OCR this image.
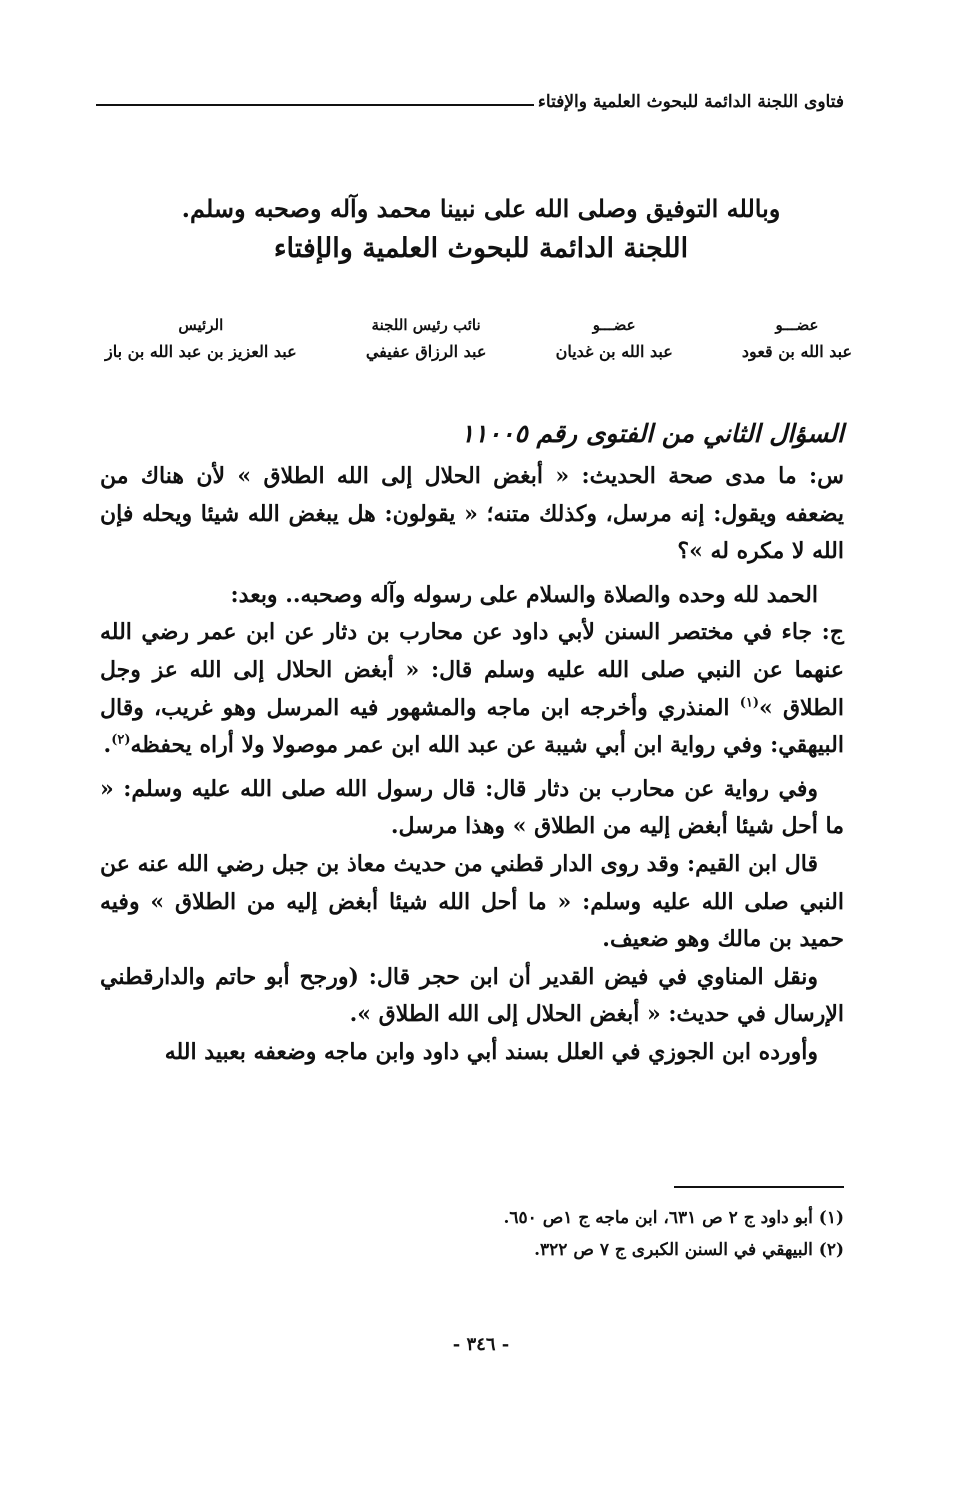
فتاوى اللجنة الدائمة للبحوث العلمية والإفتاء

وبالله التوفيق وصلى الله على نبينا محمد وآله وصحبه وسلم.

اللجنة الدائمة للبحوث العلمية والإفتاء

عضـــو
عبد الله بن قعود
عضـــو
عبد الله بن غديان
نائب رئيس اللجنة
عبد الرزاق عفيفي
الرئيس
عبد العزيز بن عبد الله بن باز

السؤال الثاني من الفتوى رقم ١١٠٠٥

س: ما مدى صحة الحديث: « أبغض الحلال إلى الله الطلاق » لأن هناك من يضعفه ويقول: إنه مرسل، وكذلك متنه؛ « يقولون: هل يبغض الله شيئا ويحله فإن الله لا مكره له »؟

الحمد لله وحده والصلاة والسلام على رسوله وآله وصحبه.. وبعد:

ج: جاء في مختصر السنن لأبي داود عن محارب بن دثار عن ابن عمر رضي الله عنهما عن النبي صلى الله عليه وسلم قال: « أبغض الحلال إلى الله عز وجل الطلاق »$^{(١)}$ المنذري وأخرجه ابن ماجه والمشهور فيه المرسل وهو غريب، وقال البيهقي: وفي رواية ابن أبي شيبة عن عبد الله ابن عمر موصولا ولا أراه يحفظه$^{(٢)}$.

وفي رواية عن محارب بن دثار قال: قال رسول الله صلى الله عليه وسلم: « ما أحل شيئا أبغض إليه من الطلاق » وهذا مرسل.

قال ابن القيم: وقد روى الدار قطني من حديث معاذ بن جبل رضي الله عنه عن النبي صلى الله عليه وسلم: « ما أحل الله شيئا أبغض إليه من الطلاق » وفيه حميد بن مالك وهو ضعيف.

ونقل المناوي في فيض القدير أن ابن حجر قال: (ورجح أبو حاتم والدارقطني الإرسال في حديث: « أبغض الحلال إلى الله الطلاق ».

وأورده ابن الجوزي في العلل بسند أبي داود وابن ماجه وضعفه بعبيد الله

(١) أبو داود ج ٢ ص ٦٣١، ابن ماجه ج ١ص ٦٥٠.

(٢) البيهقي في السنن الكبرى ج ٧ ص ٣٢٢.

- ٣٤٦ -
